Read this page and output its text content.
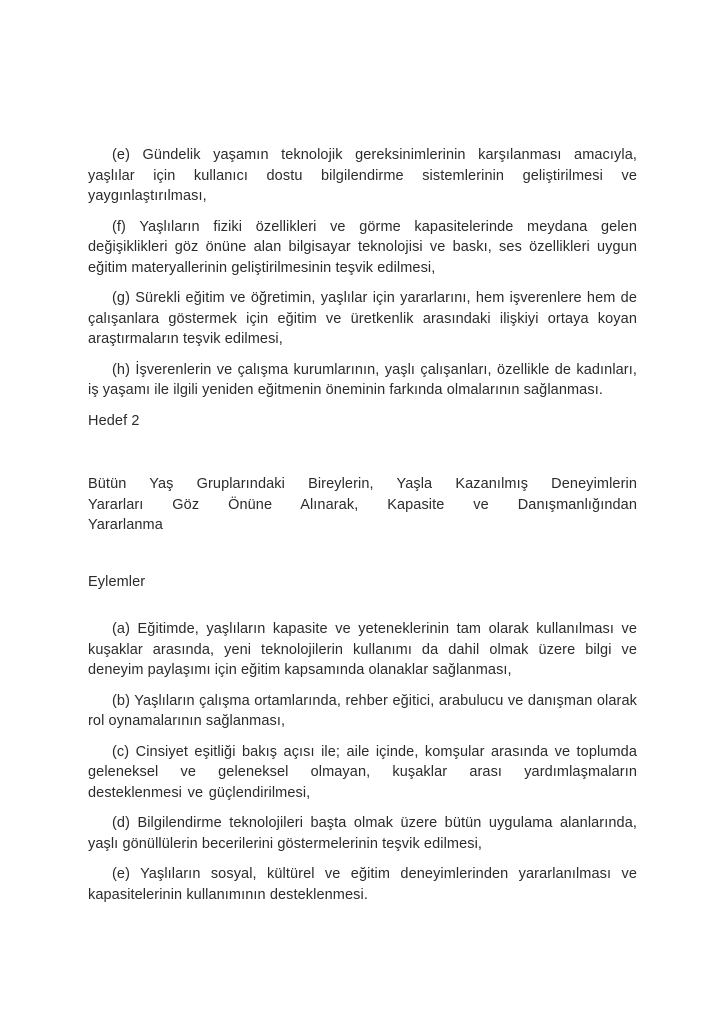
(e) Gündelik yaşamın teknolojik gereksinimlerinin karşılanması amacıyla, yaşlılar için kullanıcı dostu bilgilendirme sistemlerinin geliştirilmesi ve yaygınlaştırılması,

(f) Yaşlıların fiziki özellikleri ve görme kapasitelerinde meydana gelen değişiklikleri göz önüne alan bilgisayar teknolojisi ve baskı, ses özellikleri uygun eğitim materyallerinin geliştirilmesinin teşvik edilmesi,

(g) Sürekli eğitim ve öğretimin, yaşlılar için yararlarını, hem işverenlere hem de çalışanlara göstermek için eğitim ve üretkenlik arasındaki ilişkiyi ortaya koyan araştırmaların teşvik edilmesi,

(h) İşverenlerin ve çalışma kurumlarının, yaşlı çalışanları, özellikle de kadınları, iş yaşamı ile ilgili yeniden eğitmenin öneminin farkında olmalarının sağlanması.

Hedef 2

Bütün Yaş Gruplarındaki Bireylerin, Yaşla Kazanılmış Deneyimlerin Yararları Göz Önüne Alınarak, Kapasite ve Danışmanlığından Yararlanma

Eylemler

(a) Eğitimde, yaşlıların kapasite ve yeteneklerinin tam olarak kullanılması ve kuşaklar arasında, yeni teknolojilerin kullanımı da dahil olmak üzere bilgi ve deneyim paylaşımı için eğitim kapsamında olanaklar sağlanması,

(b) Yaşlıların çalışma ortamlarında, rehber eğitici, arabulucu ve danışman olarak rol oynamalarının sağlanması,

(c) Cinsiyet eşitliği bakış açısı ile; aile içinde, komşular arasında ve toplumda geleneksel ve geleneksel olmayan, kuşaklar arası yardımlaşmaların desteklenmesi ve güçlendirilmesi,

(d) Bilgilendirme teknolojileri başta olmak üzere bütün uygulama alanlarında, yaşlı gönüllülerin becerilerini göstermelerinin teşvik edilmesi,

(e) Yaşlıların sosyal, kültürel ve eğitim deneyimlerinden yararlanılması ve kapasitelerinin kullanımının desteklenmesi.
